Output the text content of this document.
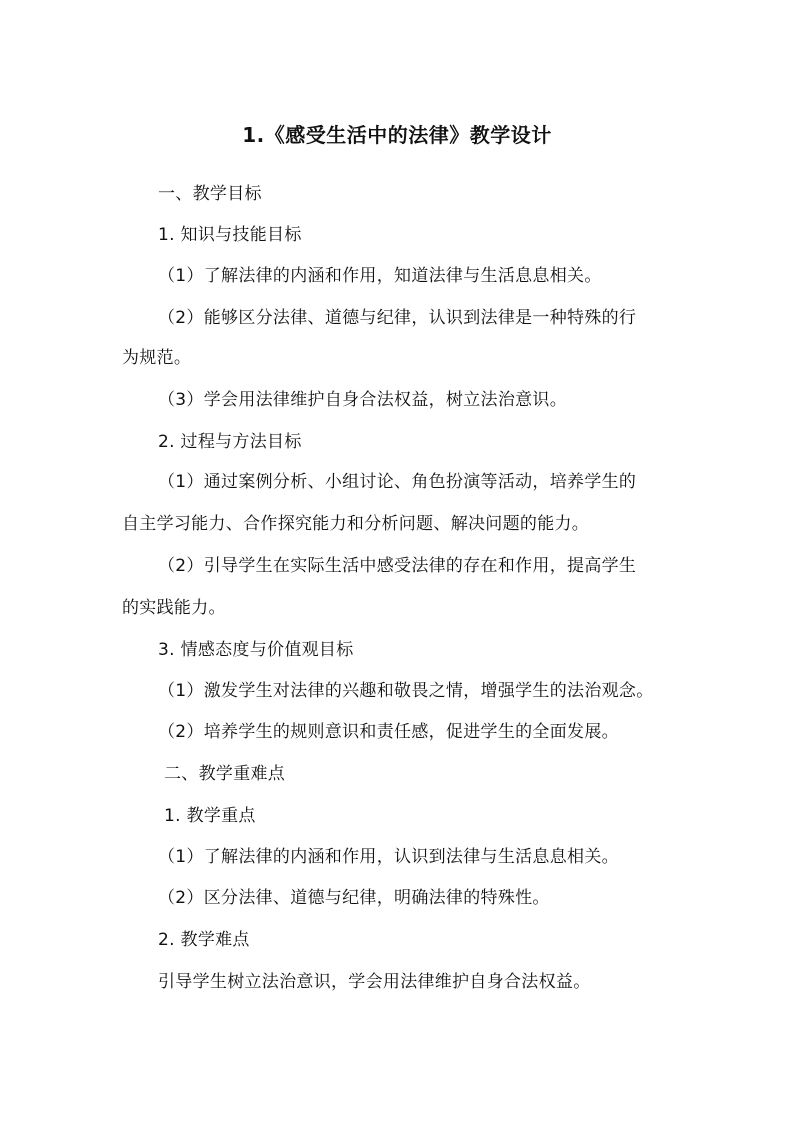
1.《感受生活中的法律》教学设计
一、教学目标
1. 知识与技能目标
（1）了解法律的内涵和作用，知道法律与生活息息相关。
（2）能够区分法律、道德与纪律，认识到法律是一种特殊的行
为规范。
（3）学会用法律维护自身合法权益，树立法治意识。
2. 过程与方法目标
（1）通过案例分析、小组讨论、角色扮演等活动，培养学生的
自主学习能力、合作探究能力和分析问题、解决问题的能力。
（2）引导学生在实际生活中感受法律的存在和作用，提高学生
的实践能力。
3. 情感态度与价值观目标
（1）激发学生对法律的兴趣和敬畏之情，增强学生的法治观念。
（2）培养学生的规则意识和责任感，促进学生的全面发展。
二、教学重难点
1. 教学重点
（1）了解法律的内涵和作用，认识到法律与生活息息相关。
（2）区分法律、道德与纪律，明确法律的特殊性。
2. 教学难点
引导学生树立法治意识，学会用法律维护自身合法权益。
